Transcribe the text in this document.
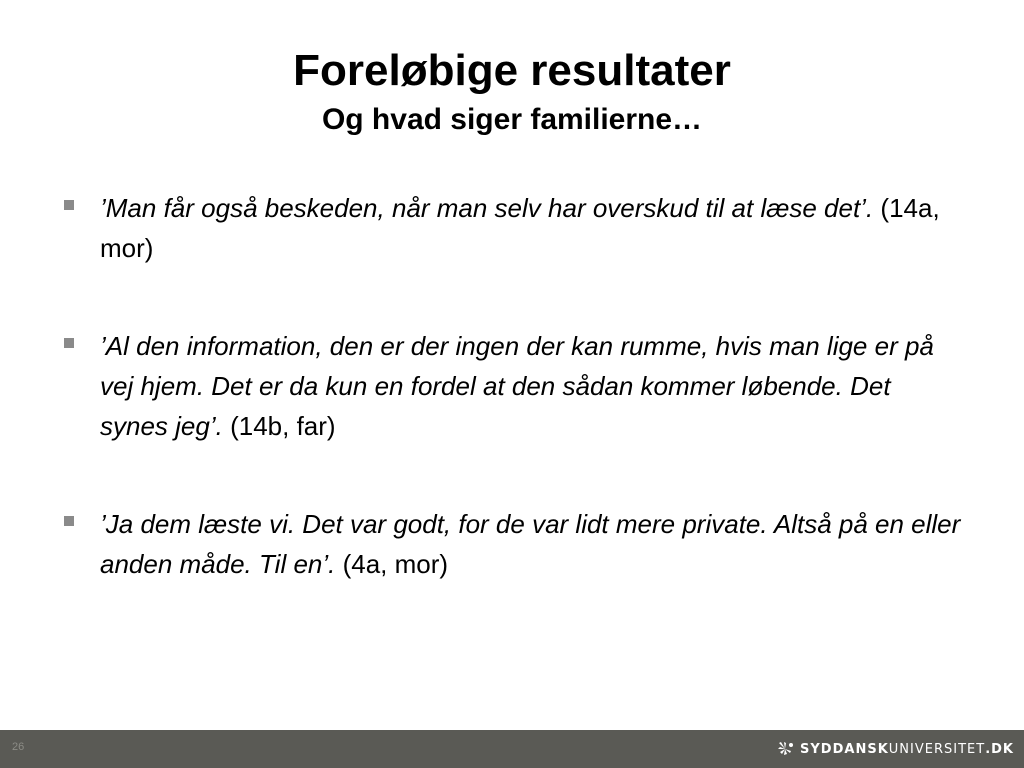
Foreløbige resultater
Og hvad siger familierne…
’Man får også beskeden, når man selv har overskud til at læse det’. (14a, mor)
’Al den information, den er der ingen der kan rumme, hvis man lige er på vej hjem. Det er da kun en fordel at den sådan kommer løbende. Det synes jeg’. (14b, far)
’Ja dem læste vi. Det var godt, for de var lidt mere private. Altså på en eller anden måde. Til en’. (4a, mor)
26	SYDDANSK UNIVERSITET .DK
